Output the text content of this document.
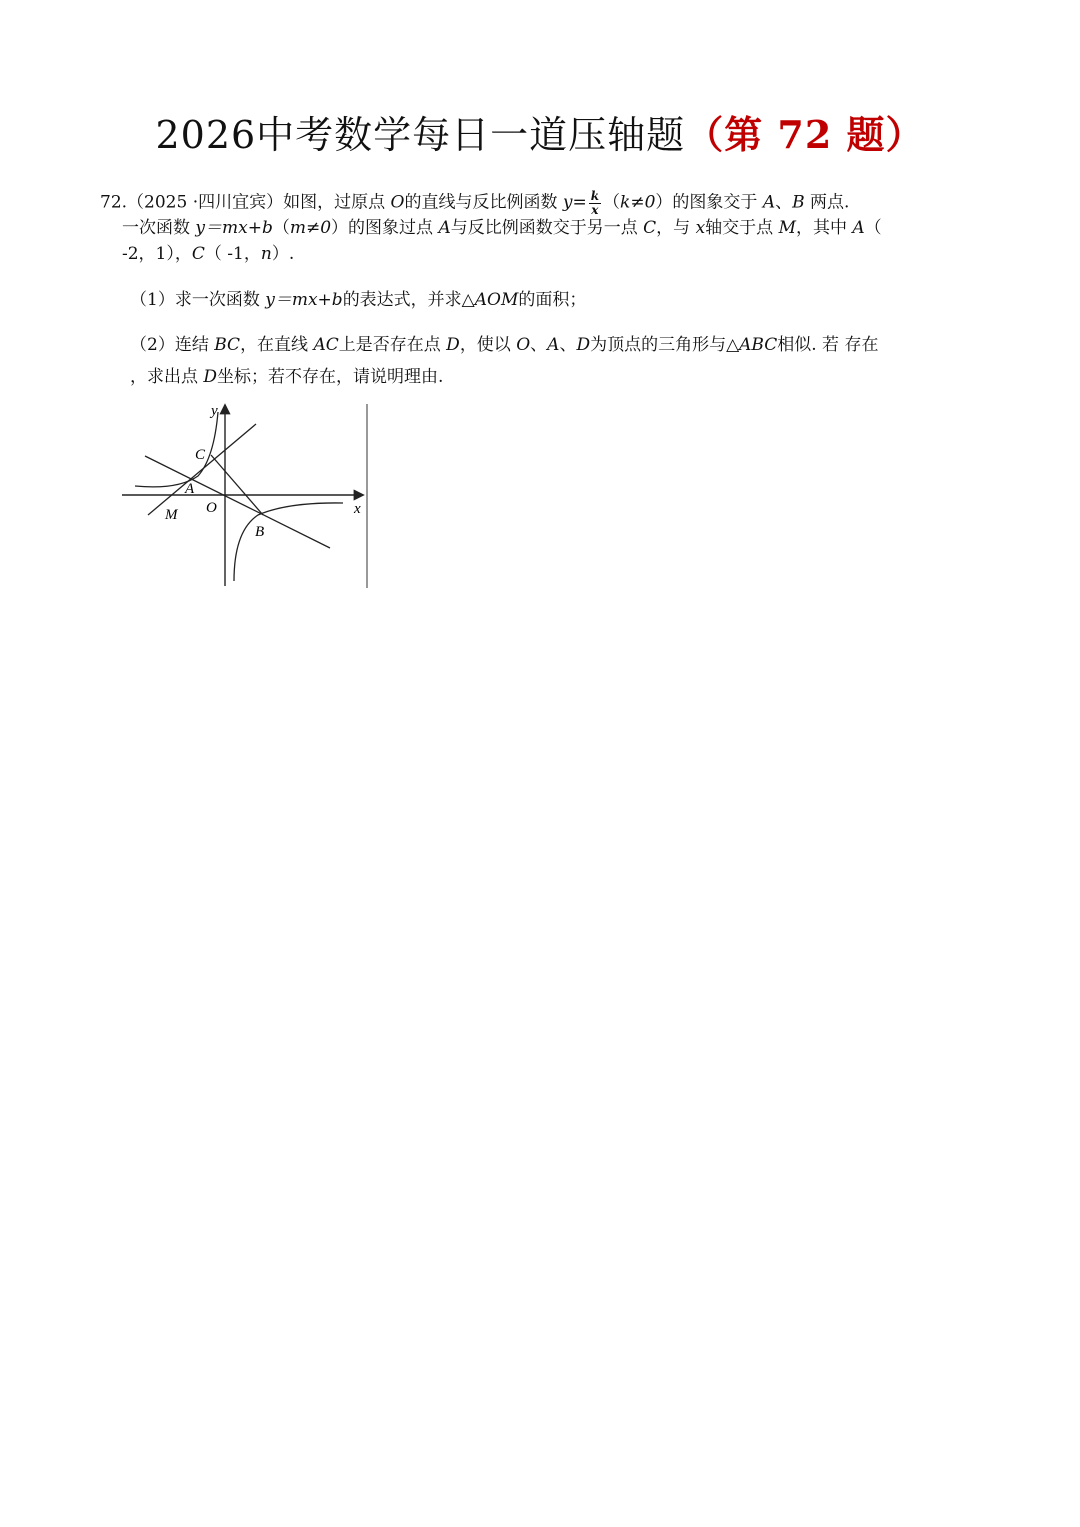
2026中考数学每日一道压轴题（第 72 题）
72.（2025 ·四川宜宾）如图，过原点 O的直线与反比例函数 $y= \frac{k}{x} (k\ne 0)$的图象交于 A、B 两点.
一次函数 y＝mx+b（m≠0）的图象过点 A与反比例函数交于另一点 C，与 x轴交于点 M，其中 A（
-2，1），C（ -1，n）.
（1）求一次函数 y＝mx+b的表达式，并求△AOM的面积；
（2）连结 BC，在直线 AC上是否存在点 D，使以 O、A、D为顶点的三角形与△ABC相似. 若 存在
，求出点 D坐标；若不存在，请说明理由.
y
x
O
A
B
C
M
